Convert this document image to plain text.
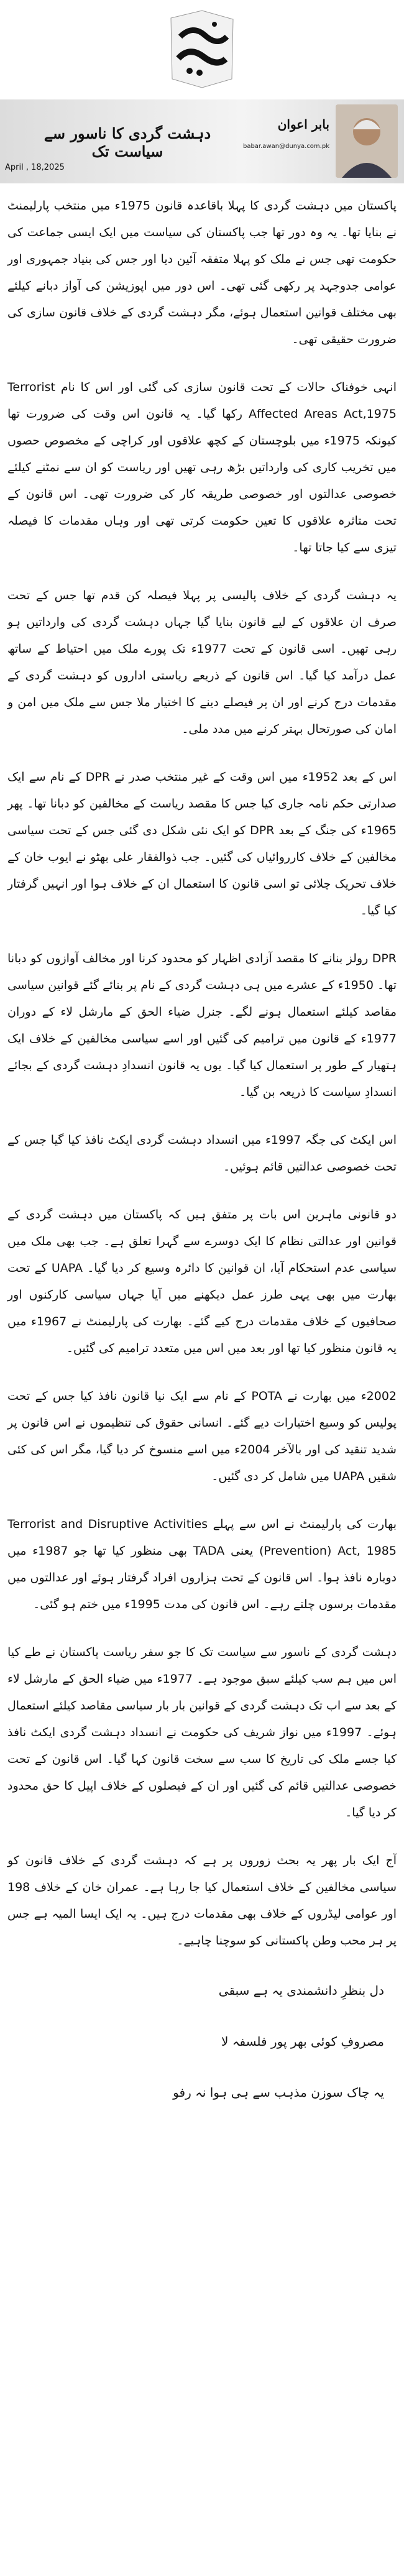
دہشت گردی کا ناسور سے سیاست تک
بابر اعوان
babar.awan@dunya.com.pk
April , 18,2025

پاکستان میں دہشت گردی کا پہلا باقاعدہ قانون 1975ء میں منتخب پارلیمنٹ نے بنایا تھا۔ یہ وہ دور تھا جب پاکستان کی سیاست میں ایک ایسی جماعت کی حکومت تھی جس نے ملک کو پہلا متفقہ آئین دیا اور جس کی بنیاد جمہوری اور عوامی جدوجہد پر رکھی گئی تھی۔ اس دور میں اپوزیشن کی آواز دبانے کیلئے بھی مختلف قوانین استعمال ہوئے، مگر دہشت گردی کے خلاف قانون سازی کی ضرورت حقیقی تھی۔

انہی خوفناک حالات کے تحت قانون سازی کی گئی اور اس کا نام Terrorist Affected Areas Act,1975 رکھا گیا۔ یہ قانون اس وقت کی ضرورت تھا کیونکہ 1975ء میں بلوچستان کے کچھ علاقوں اور کراچی کے مخصوص حصوں میں تخریب کاری کی وارداتیں بڑھ رہی تھیں اور ریاست کو ان سے نمٹنے کیلئے خصوصی عدالتوں اور خصوصی طریقہ کار کی ضرورت تھی۔ اس قانون کے تحت متاثرہ علاقوں کا تعین حکومت کرتی تھی اور وہاں مقدمات کا فیصلہ تیزی سے کیا جاتا تھا۔

یہ دہشت گردی کے خلاف پالیسی پر پہلا فیصلہ کن قدم تھا جس کے تحت صرف ان علاقوں کے لیے قانون بنایا گیا جہاں دہشت گردی کی وارداتیں ہو رہی تھیں۔ اسی قانون کے تحت 1977ء تک پورے ملک میں احتیاط کے ساتھ عمل درآمد کیا گیا۔ اس قانون کے ذریعے ریاستی اداروں کو دہشت گردی کے مقدمات درج کرنے اور ان پر فیصلے دینے کا اختیار ملا جس سے ملک میں امن و امان کی صورتحال بہتر کرنے میں مدد ملی۔

اس کے بعد 1952ء میں اس وقت کے غیر منتخب صدر نے DPR کے نام سے ایک صدارتی حکم نامہ جاری کیا جس کا مقصد ریاست کے مخالفین کو دبانا تھا۔ پھر 1965ء کی جنگ کے بعد DPR کو ایک نئی شکل دی گئی جس کے تحت سیاسی مخالفین کے خلاف کارروائیاں کی گئیں۔ جب ذوالفقار علی بھٹو نے ایوب خان کے خلاف تحریک چلائی تو اسی قانون کا استعمال ان کے خلاف ہوا اور انہیں گرفتار کیا گیا۔

DPR رولز بنانے کا مقصد آزادی اظہار کو محدود کرنا اور مخالف آوازوں کو دبانا تھا۔ 1950ء کے عشرے میں ہی دہشت گردی کے نام پر بنائے گئے قوانین سیاسی مقاصد کیلئے استعمال ہونے لگے۔ جنرل ضیاء الحق کے مارشل لاء کے دوران 1977ء کے قانون میں ترامیم کی گئیں اور اسے سیاسی مخالفین کے خلاف ایک ہتھیار کے طور پر استعمال کیا گیا۔ یوں یہ قانون انسدادِ دہشت گردی کے بجائے انسدادِ سیاست کا ذریعہ بن گیا۔

اس ایکٹ کی جگہ 1997ء میں انسداد دہشت گردی ایکٹ نافذ کیا گیا جس کے تحت خصوصی عدالتیں قائم ہوئیں۔

دو قانونی ماہرین اس بات پر متفق ہیں کہ پاکستان میں دہشت گردی کے قوانین اور عدالتی نظام کا ایک دوسرے سے گہرا تعلق ہے۔ جب بھی ملک میں سیاسی عدم استحکام آیا، ان قوانین کا دائرہ وسیع کر دیا گیا۔ UAPA کے تحت بھارت میں بھی یہی طرز عمل دیکھنے میں آیا جہاں سیاسی کارکنوں اور صحافیوں کے خلاف مقدمات درج کیے گئے۔ بھارت کی پارلیمنٹ نے 1967ء میں یہ قانون منظور کیا تھا اور بعد میں اس میں متعدد ترامیم کی گئیں۔

2002ء میں بھارت نے POTA کے نام سے ایک نیا قانون نافذ کیا جس کے تحت پولیس کو وسیع اختیارات دیے گئے۔ انسانی حقوق کی تنظیموں نے اس قانون پر شدید تنقید کی اور بالآخر 2004ء میں اسے منسوخ کر دیا گیا، مگر اس کی کئی شقیں UAPA میں شامل کر دی گئیں۔

بھارت کی پارلیمنٹ نے اس سے پہلے Terrorist and Disruptive Activities (Prevention) Act, 1985 یعنی TADA بھی منظور کیا تھا جو 1987ء میں دوبارہ نافذ ہوا۔ اس قانون کے تحت ہزاروں افراد گرفتار ہوئے اور عدالتوں میں مقدمات برسوں چلتے رہے۔ اس قانون کی مدت 1995ء میں ختم ہو گئی۔

دہشت گردی کے ناسور سے سیاست تک کا جو سفر ریاست پاکستان نے طے کیا اس میں ہم سب کیلئے سبق موجود ہے۔ 1977ء میں ضیاء الحق کے مارشل لاء کے بعد سے اب تک دہشت گردی کے قوانین بار بار سیاسی مقاصد کیلئے استعمال ہوئے۔ 1997ء میں نواز شریف کی حکومت نے انسداد دہشت گردی ایکٹ نافذ کیا جسے ملک کی تاریخ کا سب سے سخت قانون کہا گیا۔ اس قانون کے تحت خصوصی عدالتیں قائم کی گئیں اور ان کے فیصلوں کے خلاف اپیل کا حق محدود کر دیا گیا۔

آج ایک بار پھر یہ بحث زوروں پر ہے کہ دہشت گردی کے خلاف قانون کو سیاسی مخالفین کے خلاف استعمال کیا جا رہا ہے۔ عمران خان کے خلاف 198 اور عوامی لیڈروں کے خلاف بھی مقدمات درج ہیں۔ یہ ایک ایسا المیہ ہے جس پر ہر محب وطن پاکستانی کو سوچنا چاہیے۔

دل بنظرِ دانشمندی یہ ہے سبقی

مصروفِ کوئی بھر پور فلسفہ لا

یہ چاک سوزن مذہب سے ہی ہوا نہ رفو
